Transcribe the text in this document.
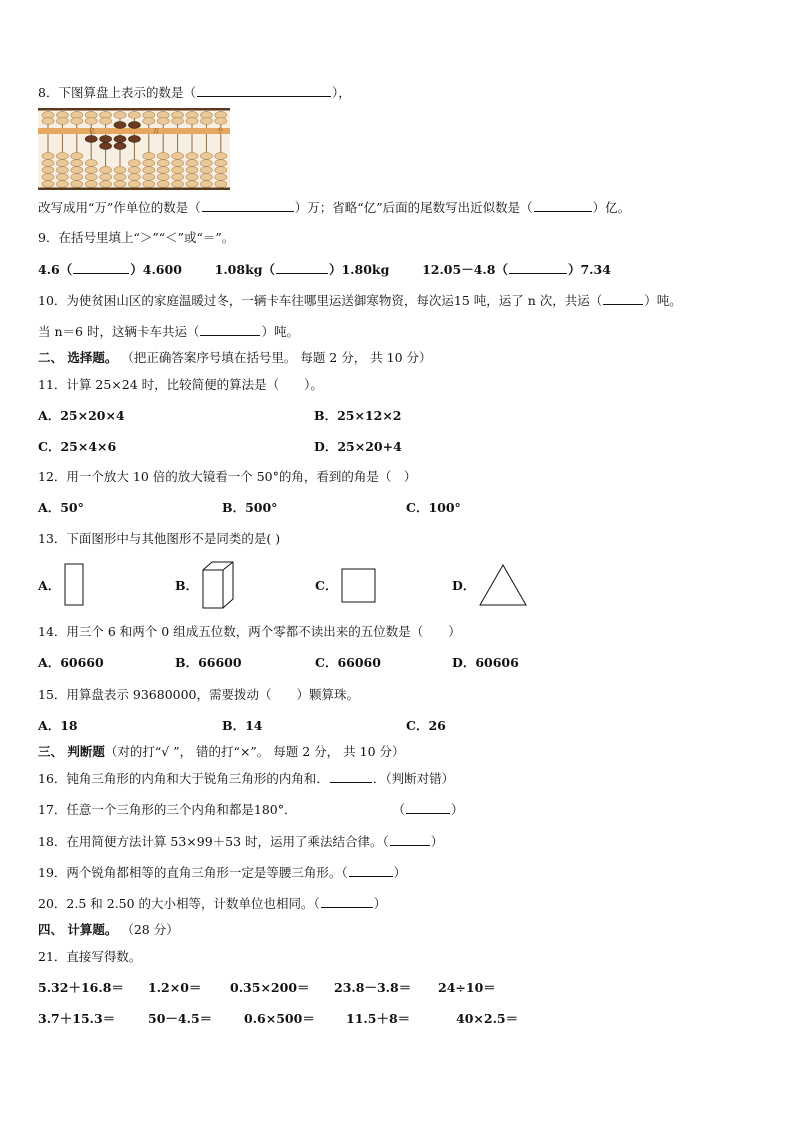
8．下图算盘上表示的数是（	），
亿	万	个
改写成用“万”作单位的数是（	）万；省略“亿”后面的尾数写出近似数是（	）亿。
9．在括号里填上“＞”“＜”或“＝”。
4.6（	）4.600	1.08kg（	）1.80kg	12.05－4.8（	）7.34
10．为使贫困山区的家庭温暖过冬，一辆卡车往哪里运送御寒物资，每次运15 吨，运了 n 次，共运（	）吨。
当 n＝6 时，这辆卡车共运（	）吨。
二、 选择题。 （把正确答案序号填在括号里。 每题 2 分， 共 10 分）
11．计算 25×24 时，比较简便的算法是（　　）。
A．25×20×4	B．25×12×2
C．25×4×6	D．25×20+4
12．用一个放大 10 倍的放大镜看一个 50°的角，看到的角是（　）
A．50°	B．500°	C．100°
13．下面图形中与其他图形不是同类的是( )
A．	B．	C．	D．
14．用三个 6 和两个 0 组成五位数，两个零都不读出来的五位数是（　　）
A．60660	B．66600	C．66060	D．60606
15．用算盘表示 93680000，需要拨动（　　）颗算珠。
A．18	B．14	C．26
三、 判断题（对的打“√ ”， 错的打“×”。 每题 2 分， 共 10 分）
16．钝角三角形的内角和大于锐角三角形的内角和．	．（判断对错）
17．任意一个三角形的三个内角和都是180°．	（	）
18．在用简便方法计算 53×99＋53 时，运用了乘法结合律。（	）
19．两个锐角都相等的直角三角形一定是等腰三角形。（	）
20．2.5 和 2.50 的大小相等，计数单位也相同。（	）
四、 计算题。 （28 分）
21．直接写得数。
5.32＋16.8＝ 1.2×0＝ 0.35×200＝ 23.8－3.8＝ 24÷10＝
3.7＋15.3＝	50－4.5＝	0.6×500＝ 11.5＋8＝	40×2.5＝
